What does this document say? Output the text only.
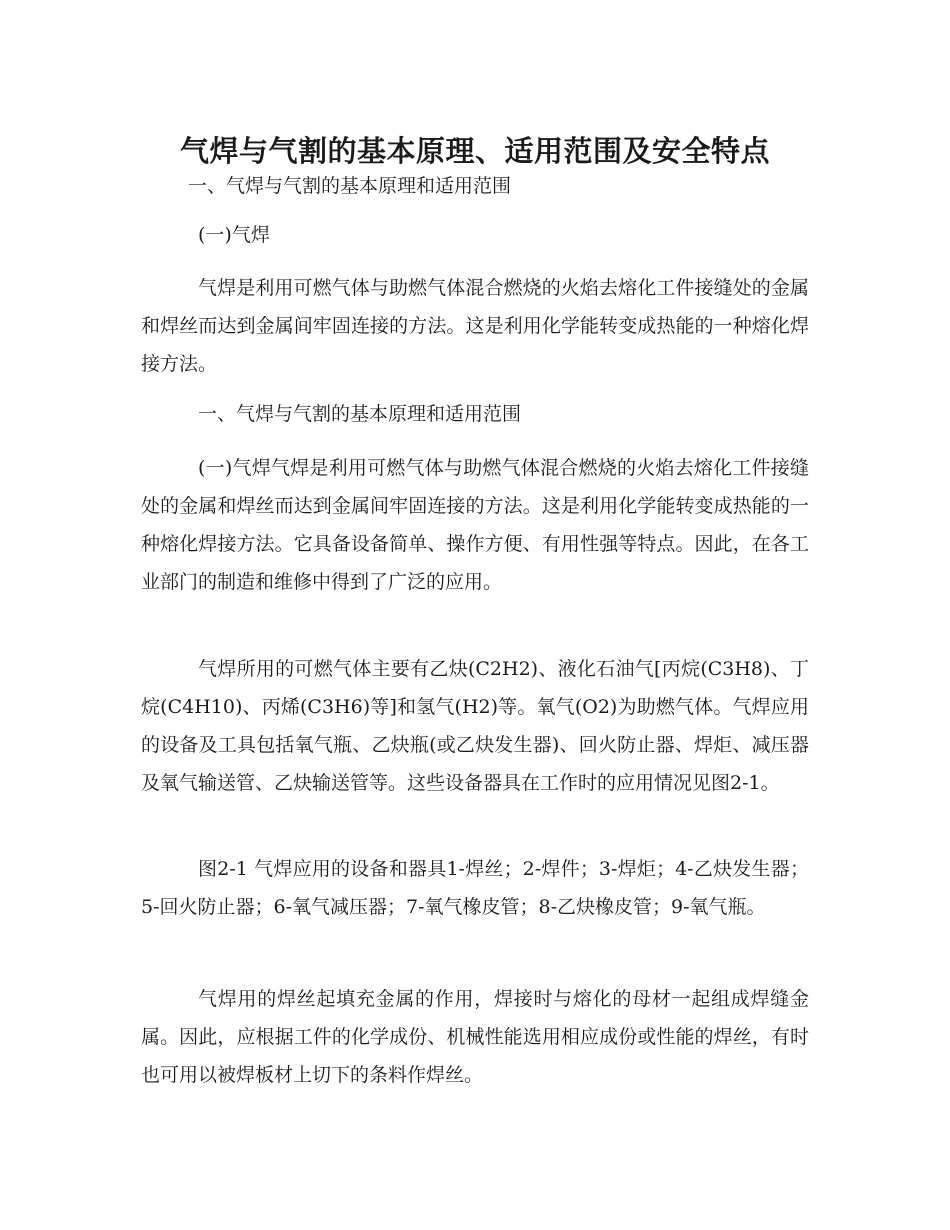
气焊与气割的基本原理、适用范围及安全特点

一、气焊与气割的基本原理和适用范围

(一)气焊

气焊是利用可燃气体与助燃气体混合燃烧的火焰去熔化工件接缝处的金属和焊丝而达到金属间牢固连接的方法。这是利用化学能转变成热能的一种熔化焊接方法。

一、气焊与气割的基本原理和适用范围

(一)气焊气焊是利用可燃气体与助燃气体混合燃烧的火焰去熔化工件接缝处的金属和焊丝而达到金属间牢固连接的方法。这是利用化学能转变成热能的一种熔化焊接方法。它具备设备简单、操作方便、有用性强等特点。因此，在各工业部门的制造和维修中得到了广泛的应用。

气焊所用的可燃气体主要有乙炔(C2H2)、液化石油气[丙烷(C3H8)、丁烷(C4H10)、丙烯(C3H6)等]和氢气(H2)等。氧气(O2)为助燃气体。气焊应用的设备及工具包括氧气瓶、乙炔瓶(或乙炔发生器)、回火防止器、焊炬、减压器及氧气输送管、乙炔输送管等。这些设备器具在工作时的应用情况见图2-1。

图2-1 气焊应用的设备和器具1-焊丝；2-焊件；3-焊炬；4-乙炔发生器；5-回火防止器；6-氧气减压器；7-氧气橡皮管；8-乙炔橡皮管；9-氧气瓶。

气焊用的焊丝起填充金属的作用，焊接时与熔化的母材一起组成焊缝金属。因此，应根据工件的化学成份、机械性能选用相应成份或性能的焊丝，有时也可用以被焊板材上切下的条料作焊丝。
